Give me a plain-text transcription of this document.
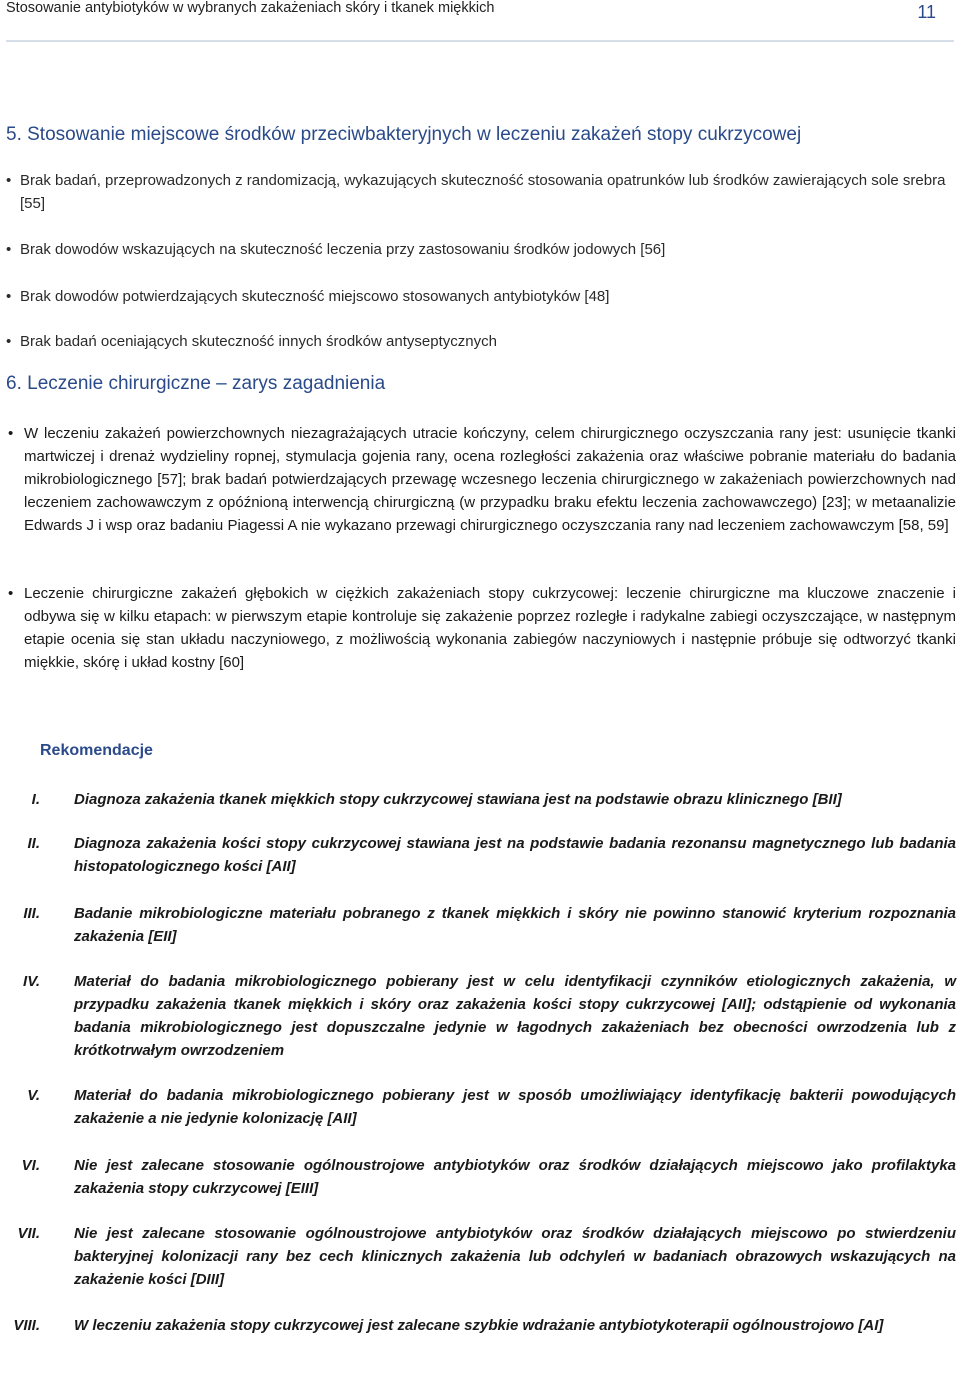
Stosowanie antybiotyków w wybranych zakażeniach skóry i tkanek miękkich	11
5. Stosowanie miejscowe środków przeciwbakteryjnych w leczeniu zakażeń stopy cukrzycowej
• Brak badań, przeprowadzonych z randomizacją, wykazujących skuteczność stosowania opatrunków lub środków zawierających sole srebra [55]
• Brak dowodów wskazujących na skuteczność leczenia przy zastosowaniu środków jodowych [56]
• Brak dowodów potwierdzających skuteczność miejscowo stosowanych antybiotyków [48]
• Brak badań oceniających skuteczność innych środków antyseptycznych
6. Leczenie chirurgiczne – zarys zagadnienia
• W leczeniu zakażeń powierzchownych niezagrażających utracie kończyny, celem chirurgicznego oczyszczania rany jest: usunięcie tkanki martwiczej i drenaż wydzieliny ropnej, stymulacja gojenia rany, ocena rozległości zakażenia oraz właściwe pobranie materiału do badania mikrobiologicznego [57]; brak badań potwierdzających przewagę wczesnego leczenia chirurgicznego w zakażeniach powierzchownych nad leczeniem zachowawczym z opóźnioną interwencją chirurgiczną (w przypadku braku efektu leczenia zachowawczego) [23]; w metaanalizie Edwards J i wsp oraz badaniu Piagessi A nie wykazano przewagi chirurgicznego oczyszczania rany nad leczeniem zachowawczym [58, 59]
• Leczenie chirurgiczne zakażeń głębokich w ciężkich zakażeniach stopy cukrzycowej: leczenie chirurgiczne ma kluczowe znaczenie i odbywa się w kilku etapach: w pierwszym etapie kontroluje się zakażenie poprzez rozległe i radykalne zabiegi oczyszczające, w następnym etapie ocenia się stan układu naczyniowego, z możliwością wykonania zabiegów naczyniowych i następnie próbuje się odtworzyć tkanki miękkie, skórę i układ kostny [60]
Rekomendacje
I. Diagnoza zakażenia tkanek miękkich stopy cukrzycowej stawiana jest na podstawie obrazu klinicznego [BII]
II. Diagnoza zakażenia kości stopy cukrzycowej stawiana jest na podstawie badania rezonansu magnetycznego lub badania histopatologicznego kości [AII]
III. Badanie mikrobiologiczne materiału pobranego z tkanek miękkich i skóry nie powinno stanowić kryterium rozpoznania zakażenia [EII]
IV. Materiał do badania mikrobiologicznego pobierany jest w celu identyfikacji czynników etiologicznych zakażenia, w przypadku zakażenia tkanek miękkich i skóry oraz zakażenia kości stopy cukrzycowej [AII]; odstąpienie od wykonania badania mikrobiologicznego jest dopuszczalne jedynie w łagodnych zakażeniach bez obecności owrzodzenia lub z krótkotrwałym owrzodzeniem
V. Materiał do badania mikrobiologicznego pobierany jest w sposób umożliwiający identyfikację bakterii powodujących zakażenie a nie jedynie kolonizację [AII]
VI. Nie jest zalecane stosowanie ogólnoustrojowe antybiotyków oraz środków działających miejscowo jako profilaktyka zakażenia stopy cukrzycowej [EIII]
VII. Nie jest zalecane stosowanie ogólnoustrojowe antybiotyków oraz środków działających miejscowo po stwierdzeniu bakteryjnej kolonizacji rany bez cech klinicznych zakażenia lub odchyleń w badaniach obrazowych wskazujących na zakażenie kości [DIII]
VIII. W leczeniu zakażenia stopy cukrzycowej jest zalecane szybkie wdrażanie antybiotykoterapii ogólnoustrojowo [AI]
